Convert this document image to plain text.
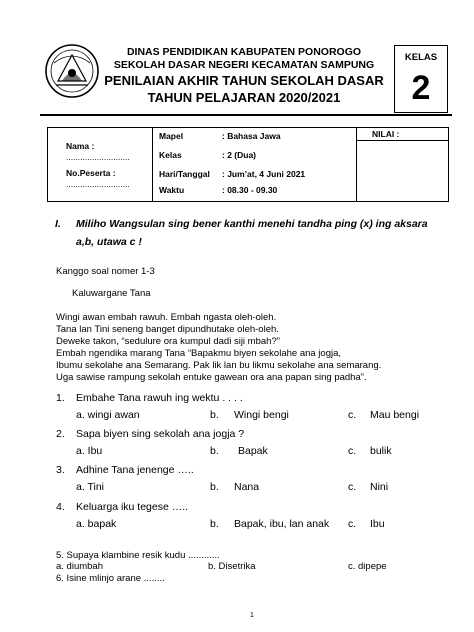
DINAS PENDIDIKAN KABUPATEN PONOROGO
SEKOLAH DASAR NEGERI KECAMATAN SAMPUNG
PENILAIAN AKHIR TAHUN SEKOLAH DASAR
TAHUN PELAJARAN 2020/2021
KELAS
2
Nama :
...........................
No.Peserta :
...........................
Mapel	: Bahasa Jawa
Kelas	: 2 (Dua)
Hari/Tanggal : Jum’at, 4 Juni 2021
Waktu	: 08.30 - 09.30
NILAI :
I. Miliho Wangsulan sing bener kanthi menehi tandha ping (x) ing aksara
a,b, utawa c !
Kanggo soal nomer 1-3
Kaluwargane Tana
Wingi awan embah rawuh. Embah ngasta oleh-oleh.
Tana lan Tini seneng banget dipundhutake oleh-oleh.
Deweke takon, “sedulure ora kumpul dadi siji mbah?”
Embah ngendika marang Tana “Bapakmu biyen sekolahe ana jogja,
Ibumu sekolahe ana Semarang. Pak lik lan bu likmu sekolahe ana semarang.
Uga sawise rampung sekolah entuke gawean ora ana papan sing padha”.
1. Embahe Tana rawuh ing wektu . . . .
a. wingi awan	b. Wingi bengi	c. Mau bengi
2. Sapa biyen sing sekolah ana jogja ?
a. Ibu	b. Bapak	c. bulik
3. Adhine Tana jenenge …..
a. Tini	b. Nana	c. Nini
4. Keluarga iku tegese …..
a. bapak	b. Bapak, ibu, lan anak c. Ibu
5. Supaya klambine resik kudu ............
a. diumbah	b. Disetrika	c. dipepe
6. Isine mlinjo arane ........
1
